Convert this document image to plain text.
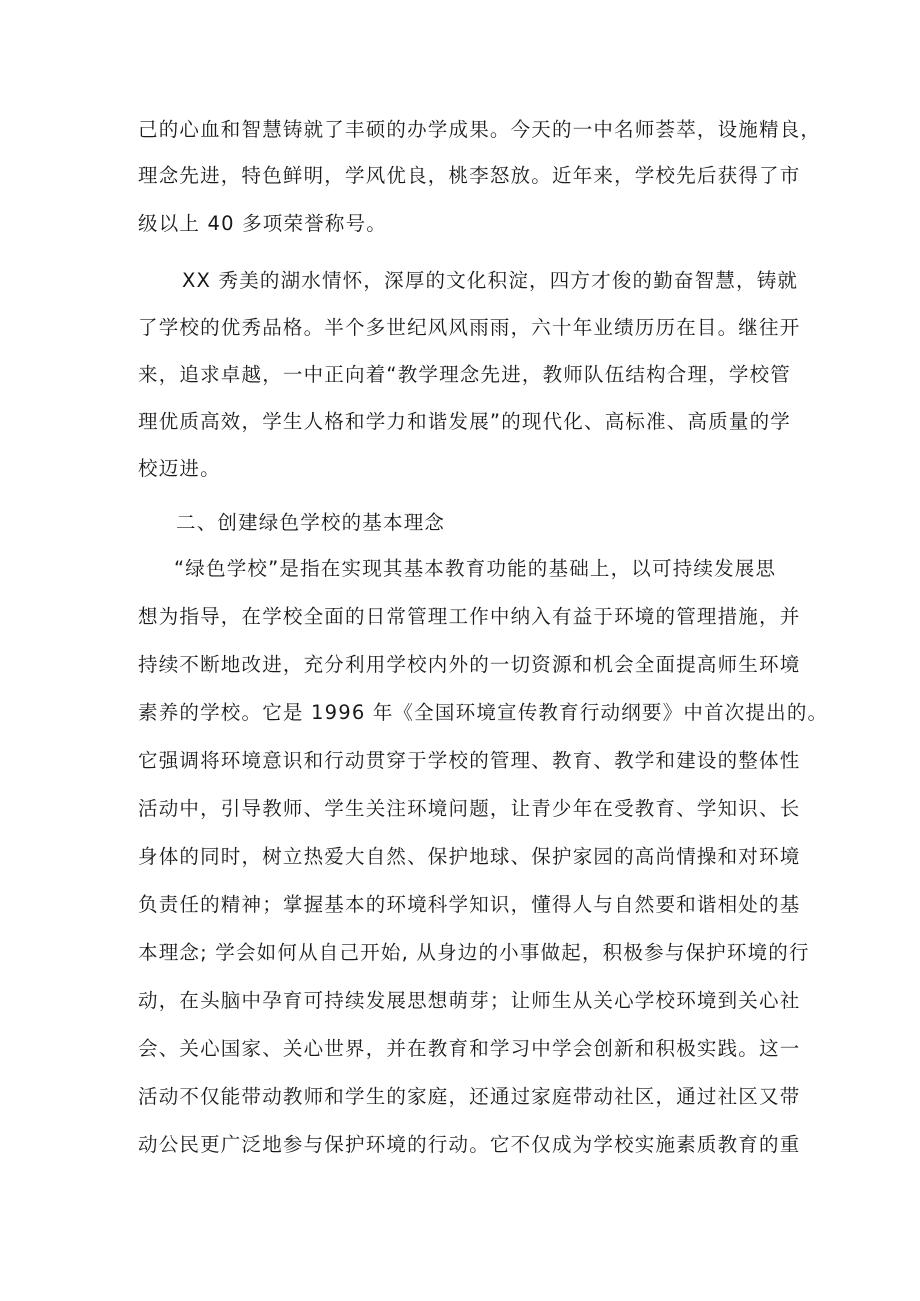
己的心血和智慧铸就了丰硕的办学成果。今天的一中名师荟萃，设施精良，
理念先进，特色鲜明，学风优良，桃李怒放。近年来，学校先后获得了市
级以上 40 多项荣誉称号。
XX 秀美的湖水情怀，深厚的文化积淀，四方才俊的勤奋智慧，铸就
了学校的优秀品格。半个多世纪风风雨雨，六十年业绩历历在目。继往开
来，追求卓越，一中正向着“教学理念先进，教师队伍结构合理，学校管
理优质高效，学生人格和学力和谐发展”的现代化、高标准、高质量的学
校迈进。
二、创建绿色学校的基本理念
“绿色学校”是指在实现其基本教育功能的基础上，以可持续发展思
想为指导，在学校全面的日常管理工作中纳入有益于环境的管理措施，并
持续不断地改进，充分利用学校内外的一切资源和机会全面提高师生环境
素养的学校。它是 1996 年《全国环境宣传教育行动纲要》中首次提出的。
它强调将环境意识和行动贯穿于学校的管理、教育、教学和建设的整体性
活动中，引导教师、学生关注环境问题，让青少年在受教育、学知识、长
身体的同时，树立热爱大自然、保护地球、保护家园的高尚情操和对环境
负责任的精神；掌握基本的环境科学知识，懂得人与自然要和谐相处的基
本理念; 学会如何从自己开始, 从身边的小事做起，积极参与保护环境的行
动，在头脑中孕育可持续发展思想萌芽；让师生从关心学校环境到关心社
会、关心国家、关心世界，并在教育和学习中学会创新和积极实践。这一
活动不仅能带动教师和学生的家庭，还通过家庭带动社区，通过社区又带
动公民更广泛地参与保护环境的行动。它不仅成为学校实施素质教育的重
